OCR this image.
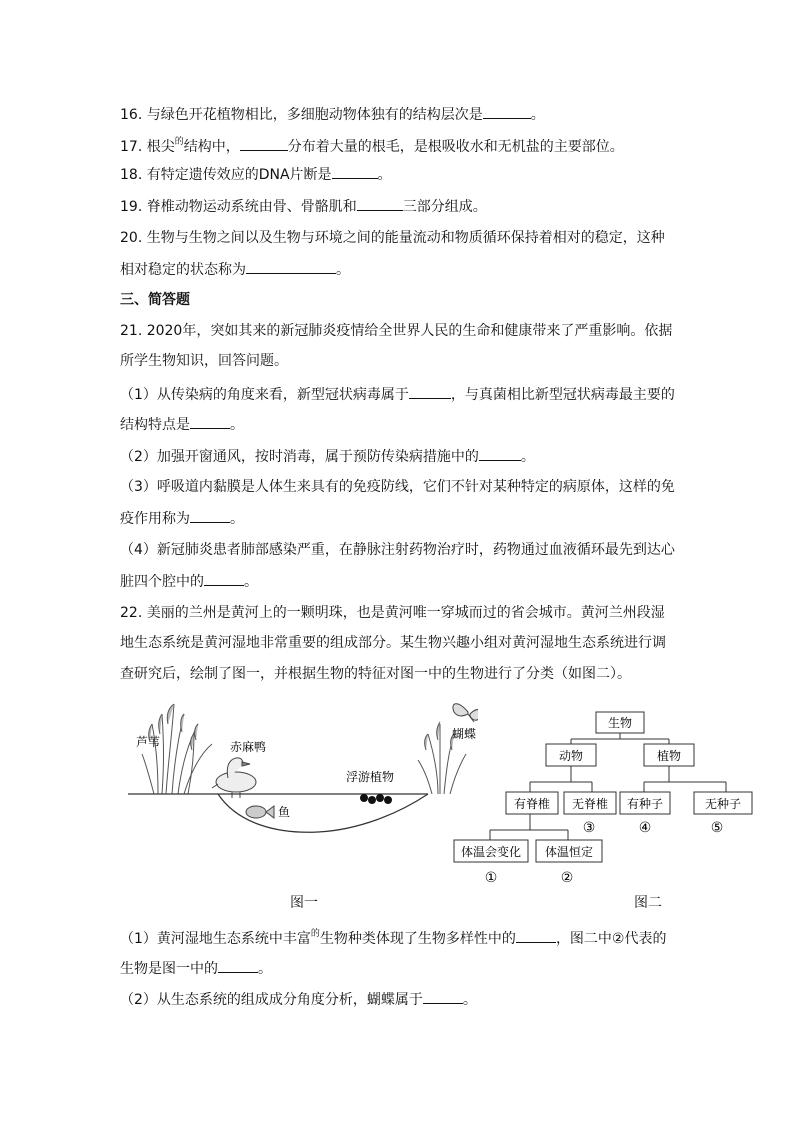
16. 与绿色开花植物相比，多细胞动物体独有的结构层次是	。
17. 根尖$^的$结构中，	分布着大量的根毛，是根吸收水和无机盐的主要部位。
18. 有特定遗传效应的DNA片断是	。
19. 脊椎动物运动系统由骨、骨骼肌和	三部分组成。
20. 生物与生物之间以及生物与环境之间的能量流动和物质循环保持着相对的稳定，这种
相对稳定的状态称为	。
三、简答题
21. 2020年，突如其来的新冠肺炎疫情给全世界人民的生命和健康带来了严重影响。依据
所学生物知识，回答问题。
（1）从传染病的角度来看，新型冠状病毒属于	，与真菌相比新型冠状病毒最主要的
结构特点是	。
（2）加强开窗通风，按时消毒，属于预防传染病措施中的	。
（3）呼吸道内黏膜是人体生来具有的免疫防线，它们不针对某种特定的病原体，这样的免
疫作用称为	。
（4）新冠肺炎患者肺部感染严重，在静脉注射药物治疗时，药物通过血液循环最先到达心
脏四个腔中的	。
22. 美丽的兰州是黄河上的一颗明珠，也是黄河唯一穿城而过的省会城市。黄河兰州段湿
地生态系统是黄河湿地非常重要的组成部分。某生物兴趣小组对黄河湿地生态系统进行调
查研究后，绘制了图一，并根据生物的特征对图一中的生物进行了分类（如图二）。
芦苇	赤麻鸭
浮游植物
鱼
蝴蝶
生物
动物	植物
有脊椎 无脊椎 有种子	无种子
体温会变化 体温恒定
③	④	⑤
①	②
图一	图二
（1）黄河湿地生态系统中丰富$^的$生物种类体现了生物多样性中的	，图二中②代表的
生物是图一中的	。
（2）从生态系统的组成成分角度分析，蝴蝶属于	。
